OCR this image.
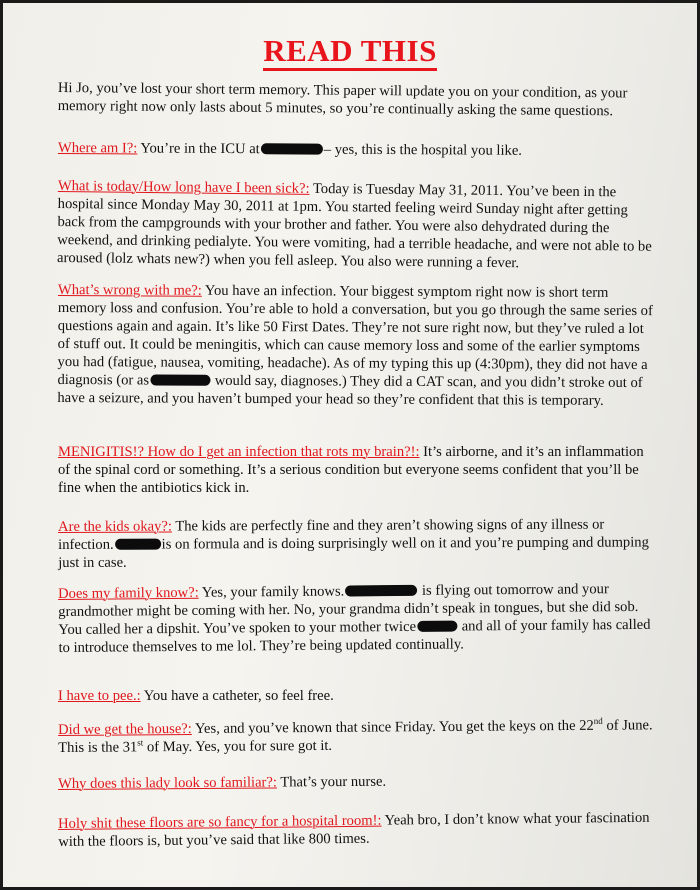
READ THIS
Hi Jo, you’ve lost your short term memory. This paper will update you on your condition, as your memory right now only lasts about 5 minutes, so you’re continually asking the same questions.
Where am I?: You’re in the ICU at	– yes, this is the hospital you like.
What is today/How long have I been sick?: Today is Tuesday May 31, 2011. You’ve been in the hospital since Monday May 30, 2011 at 1pm. You started feeling weird Sunday night after getting back from the campgrounds with your brother and father. You were also dehydrated during the weekend, and drinking pedialyte. You were vomiting, had a terrible headache, and were not able to be aroused (lolz whats new?) when you fell asleep. You also were running a fever.
What’s wrong with me?: You have an infection. Your biggest symptom right now is short term memory loss and confusion. You’re able to hold a conversation, but you go through the same series of questions again and again. It’s like 50 First Dates. They’re not sure right now, but they’ve ruled a lot of stuff out. It could be meningitis, which can cause memory loss and some of the earlier symptoms you had (fatigue, nausea, vomiting, headache). As of my typing this up (4:30pm), they did not have a diagnosis (or as	would say, diagnoses.) They did a CAT scan, and you didn’t stroke out of have a seizure, and you haven’t bumped your head so they’re confident that this is temporary.
MENIGITIS!? How do I get an infection that rots my brain?!: It’s airborne, and it’s an inflammation of the spinal cord or something. It’s a serious condition but everyone seems confident that you’ll be fine when the antibiotics kick in.
Are the kids okay?: The kids are perfectly fine and they aren’t showing signs of any illness or infection.	is on formula and is doing surprisingly well on it and you’re pumping and dumping just in case.
Does my family know?: Yes, your family knows.	is flying out tomorrow and your grandmother might be coming with her. No, your grandma didn’t speak in tongues, but she did sob. You called her a dipshit. You’ve spoken to your mother twice	and all of your family has called to introduce themselves to me lol. They’re being updated continually.
I have to pee.: You have a catheter, so feel free.
Did we get the house?: Yes, and you’ve known that since Friday. You get the keys on the 22nd of June. This is the 31st of May. Yes, you for sure got it.
Why does this lady look so familiar?: That’s your nurse.
Holy shit these floors are so fancy for a hospital room!: Yeah bro, I don’t know what your fascination with the floors is, but you’ve said that like 800 times.
